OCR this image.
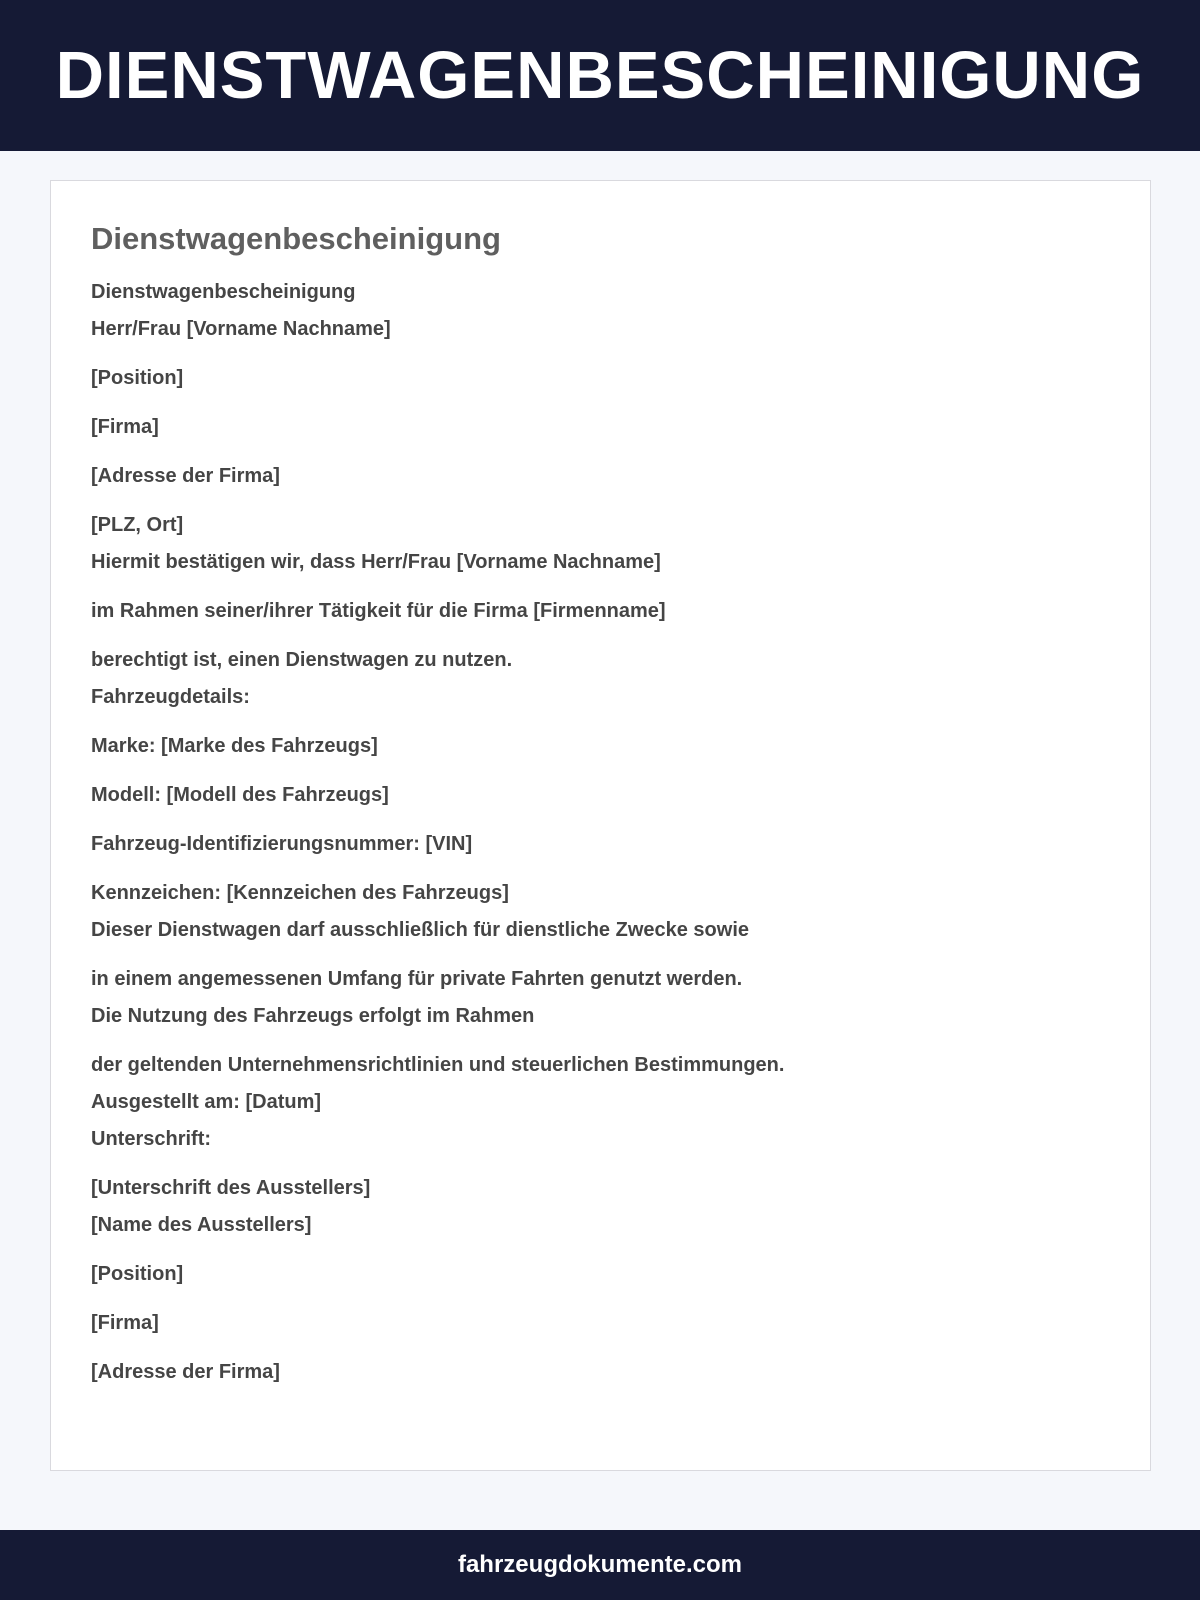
DIENSTWAGENBESCHEINIGUNG
Dienstwagenbescheinigung
Dienstwagenbescheinigung
Herr/Frau [Vorname Nachname]
[Position]
[Firma]
[Adresse der Firma]
[PLZ, Ort]
Hiermit bestätigen wir, dass Herr/Frau [Vorname Nachname]
im Rahmen seiner/ihrer Tätigkeit für die Firma [Firmenname]
berechtigt ist, einen Dienstwagen zu nutzen.
Fahrzeugdetails:
Marke: [Marke des Fahrzeugs]
Modell: [Modell des Fahrzeugs]
Fahrzeug-Identifizierungsnummer: [VIN]
Kennzeichen: [Kennzeichen des Fahrzeugs]
Dieser Dienstwagen darf ausschließlich für dienstliche Zwecke sowie
in einem angemessenen Umfang für private Fahrten genutzt werden.
Die Nutzung des Fahrzeugs erfolgt im Rahmen
der geltenden Unternehmensrichtlinien und steuerlichen Bestimmungen.
Ausgestellt am: [Datum]
Unterschrift:
[Unterschrift des Ausstellers]
[Name des Ausstellers]
[Position]
[Firma]
[Adresse der Firma]
fahrzeugdokumente.com
